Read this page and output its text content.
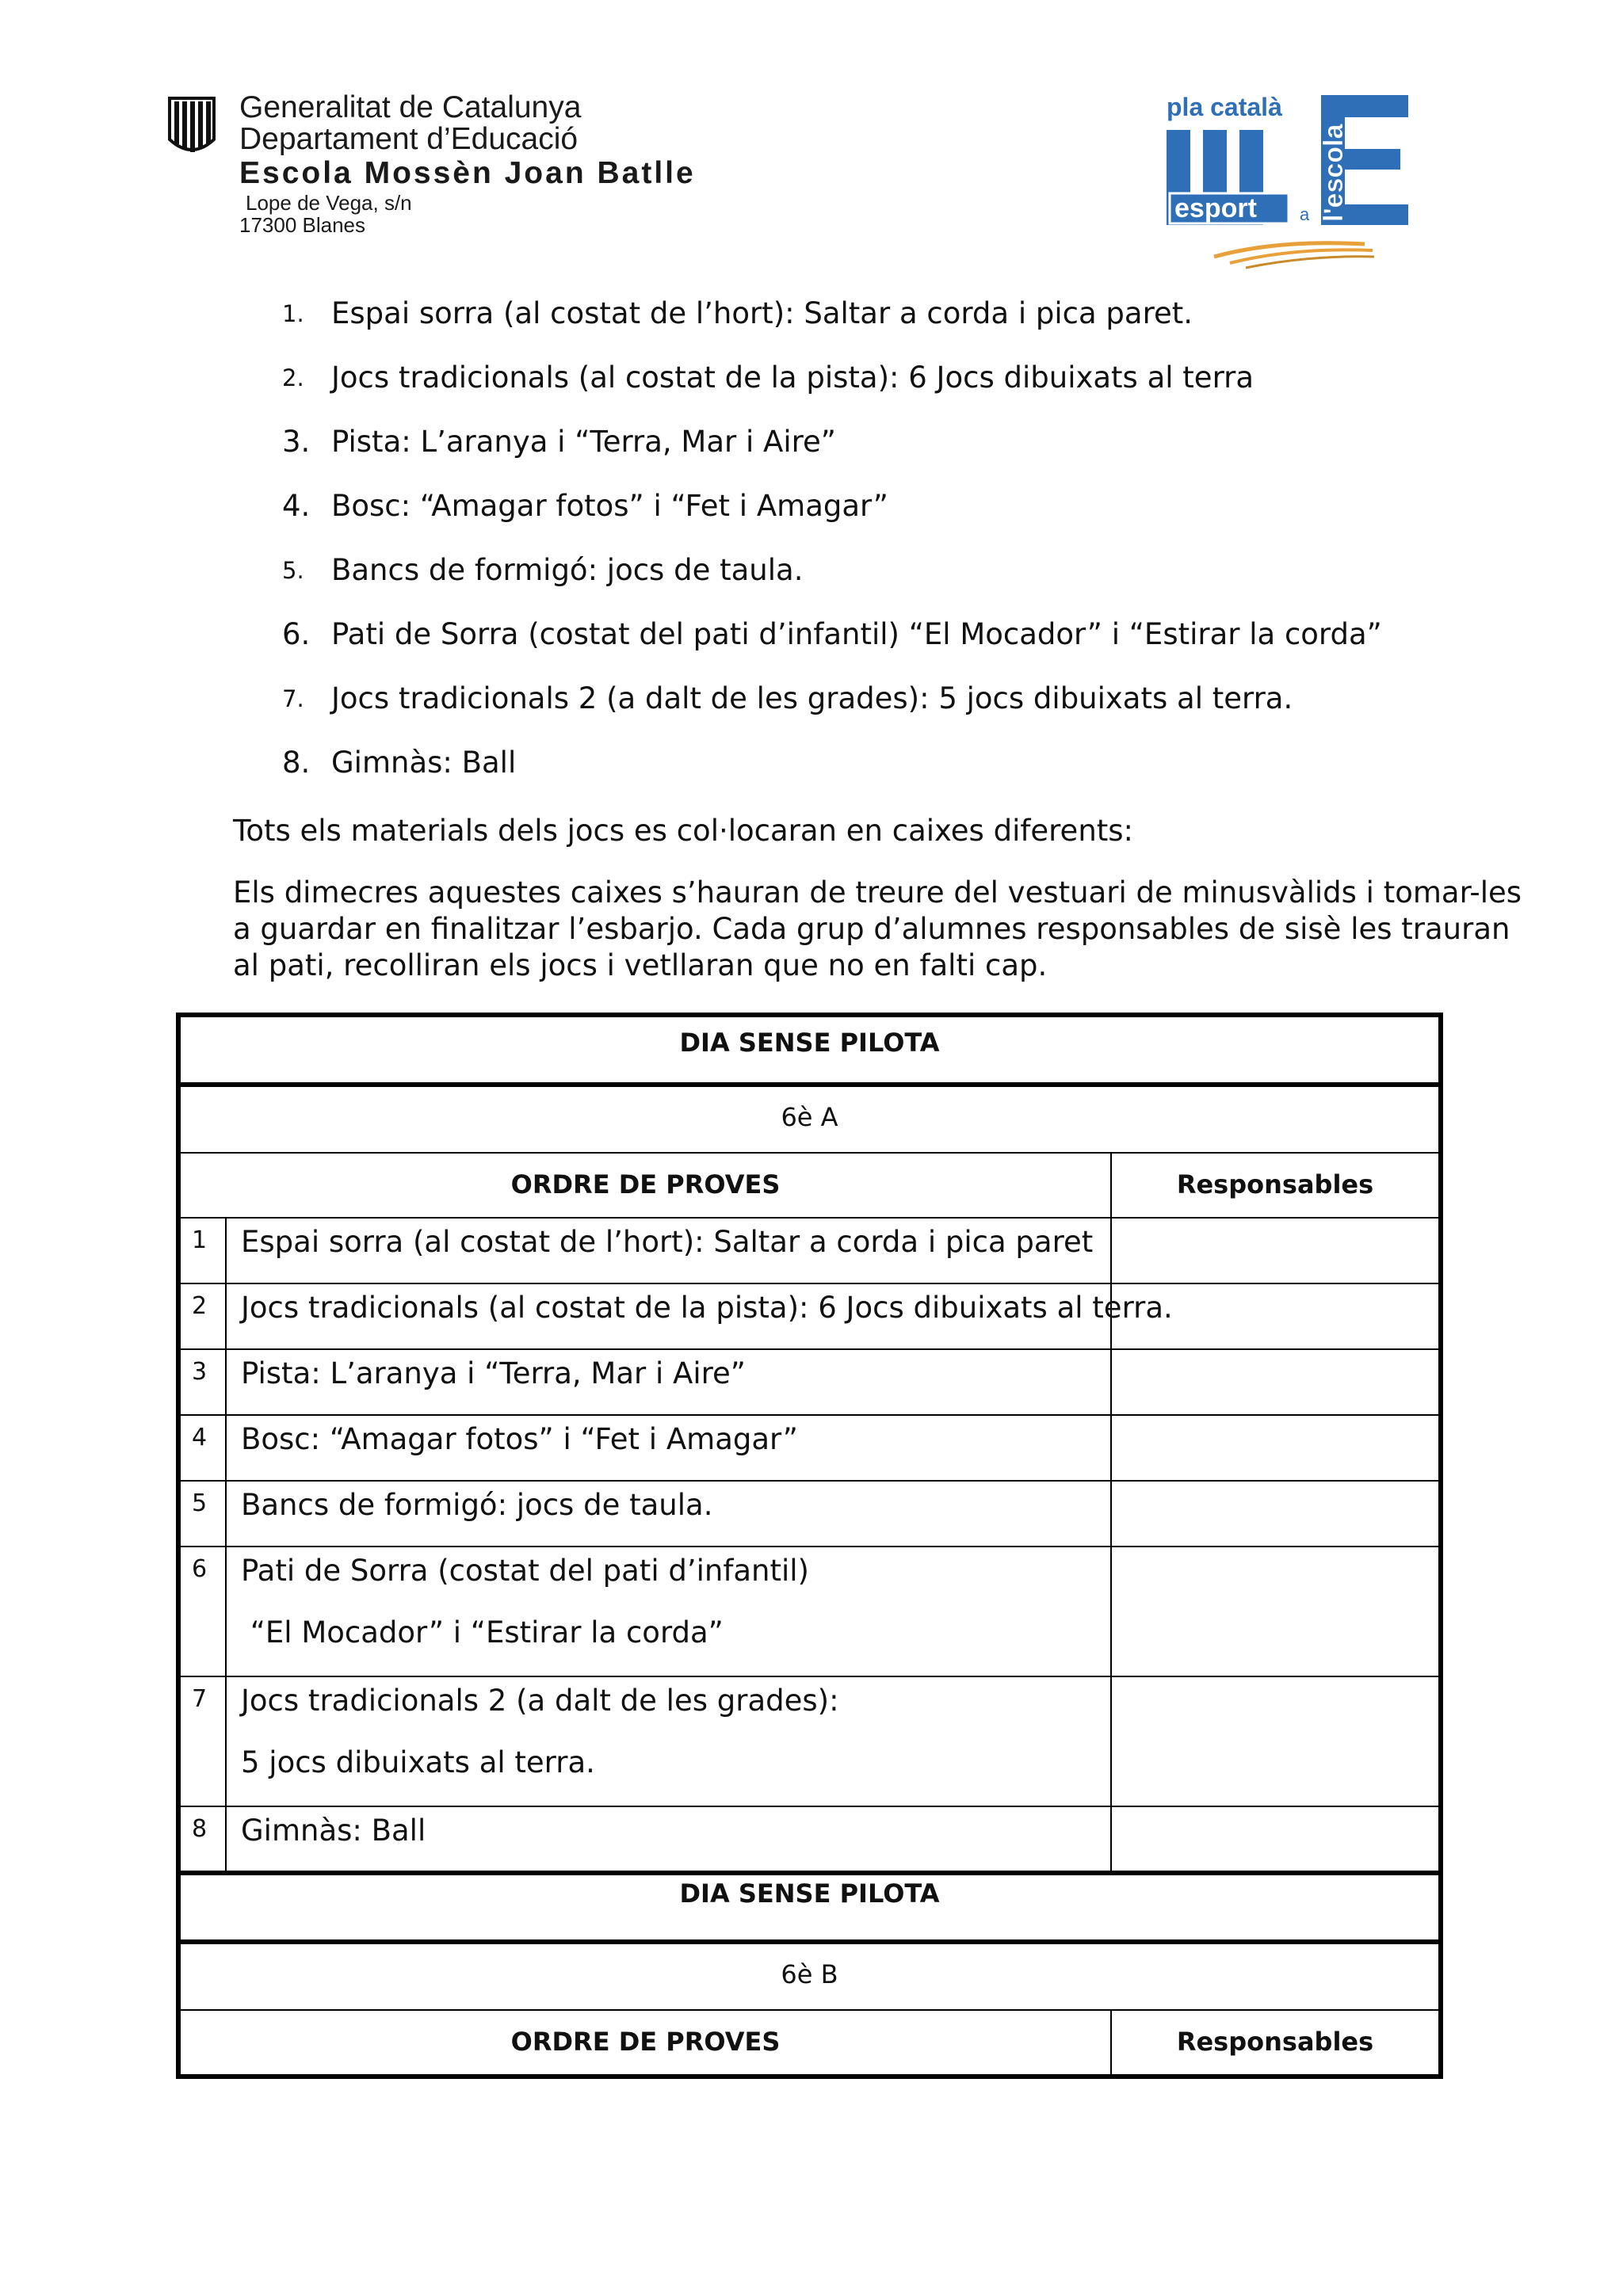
Generalitat de Catalunya
Departament d’Educació
Escola Mossèn Joan Batlle
Lope de Vega, s/n
17300 Blanes
pla català
esport a l'escola
1. Espai sorra (al costat de l’hort): Saltar a corda i pica paret.
2. Jocs tradicionals (al costat de la pista): 6 Jocs dibuixats al terra
3. Pista: L’aranya i “Terra, Mar i Aire”
4. Bosc: “Amagar fotos” i “Fet i Amagar”
5. Bancs de formigó: jocs de taula.
6. Pati de Sorra (costat del pati d’infantil) “El Mocador” i “Estirar la corda”
7. Jocs tradicionals 2 (a dalt de les grades): 5 jocs dibuixats al terra.
8. Gimnàs: Ball
Tots els materials dels jocs es col·locaran en caixes diferents:
Els dimecres aquestes caixes s’hauran de treure del vestuari de minusvàlids i tomar-les
a guardar en finalitzar l’esbarjo. Cada grup d’alumnes responsables de sisè les trauran
al pati, recolliran els jocs i vetllaran que no en falti cap.
DIA SENSE PILOTA
6è A
ORDRE DE PROVES	Responsables
1	Espai sorra (al costat de l’hort): Saltar a corda i pica paret
2	Jocs tradicionals (al costat de la pista): 6 Jocs dibuixats al terra.
3	Pista: L’aranya i “Terra, Mar i Aire”
4	Bosc: “Amagar fotos” i “Fet i Amagar”
5	Bancs de formigó: jocs de taula.
6	Pati de Sorra (costat del pati d’infantil)
“El Mocador” i “Estirar la corda”
7	Jocs tradicionals 2 (a dalt de les grades):
5 jocs dibuixats al terra.
8	Gimnàs: Ball
DIA SENSE PILOTA
6è B
ORDRE DE PROVES	Responsables
